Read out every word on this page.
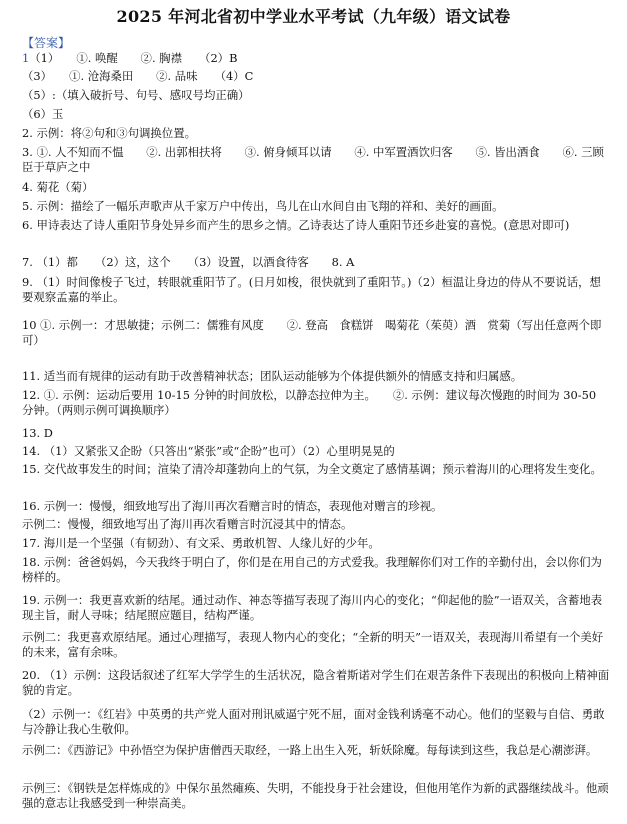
2025 年河北省初中学业水平考试（九年级）语文试卷
【答案】
1（1）　　①. 唤醒　　②. 胸襟　　（2）B
（3）　　①. 沧海桑田　　②. 品味　　（4）C
（5）:（填入破折号、句号、感叹号均正确）
（6）玉
2. 示例：将②句和③句调换位置。
3. ①. 人不知而不愠　　②. 出郭相扶将　　③. 俯身倾耳以请　　④. 中军置酒饮归客　　⑤. 皆出酒食　　⑥. 三顾臣于草庐之中
4. 菊花（菊）
5. 示例：描绘了一幅乐声歌声从千家万户中传出，鸟儿在山水间自由飞翔的祥和、美好的画面。
6. 甲诗表达了诗人重阳节身处异乡而产生的思乡之情。乙诗表达了诗人重阳节还乡赴宴的喜悦。(意思对即可)
7. （1）都　　（2）这，这个　　（3）设置，以酒食待客　　8. A
9. （1）时间像梭子飞过，转眼就重阳节了。(日月如梭，很快就到了重阳节。)（2）桓温让身边的侍从不要说话，想要观察孟嘉的举止。
10 ①. 示例一：才思敏捷；示例二：儒雅有风度　　②. 登高　食糕饼　喝菊花（茱萸）酒　赏菊（写出任意两个即可）
11. 适当而有规律的运动有助于改善精神状态；团队运动能够为个体提供额外的情感支持和归属感。
12. ①. 示例：运动后要用 10-15 分钟的时间放松，以静态拉伸为主。　　②. 示例：建议每次慢跑的时间为 30-50 分钟。（两则示例可调换顺序）
13. D
14. （1）又紧张又企盼（只答出“紧张”或“企盼”也可）（2）心里明晃晃的
15. 交代故事发生的时间；渲染了清冷却蓬勃向上的气氛，为全文奠定了感情基调；预示着海川的心理将发生变化。
16. 示例一：慢慢，细致地写出了海川再次看赠言时的情态，表现他对赠言的珍视。
示例二：慢慢，细致地写出了海川再次看赠言时沉浸其中的情态。
17. 海川是一个坚强（有韧劲）、有文采、勇敢机智、人缘儿好的少年。
18. 示例：爸爸妈妈，今天我终于明白了，你们是在用自己的方式爱我。我理解你们对工作的辛勤付出，会以你们为榜样的。
19. 示例一：我更喜欢新的结尾。通过动作、神态等描写表现了海川内心的变化；“仰起他的脸”一语双关，含蓄地表现主旨，耐人寻味；结尾照应题目，结构严谨。
示例二：我更喜欢原结尾。通过心理描写，表现人物内心的变化；“全新的明天”一语双关，表现海川希望有一个美好的未来，富有余味。
20. （1）示例：这段话叙述了红军大学学生的生活状况，隐含着斯诺对学生们在艰苦条件下表现出的积极向上精神面貌的肯定。
（2）示例一：《红岩》中英勇的共产党人面对刑讯威逼宁死不屈，面对金钱利诱毫不动心。他们的坚毅与自信、勇敢与冷静让我心生敬仰。
示例二：《西游记》中孙悟空为保护唐僧西天取经，一路上出生入死，斩妖除魔。每每读到这些，我总是心潮澎湃。
示例三：《钢铁是怎样炼成的》中保尔虽然瘫痪、失明，不能投身于社会建设，但他用笔作为新的武器继续战斗。他顽强的意志让我感受到一种崇高美。
